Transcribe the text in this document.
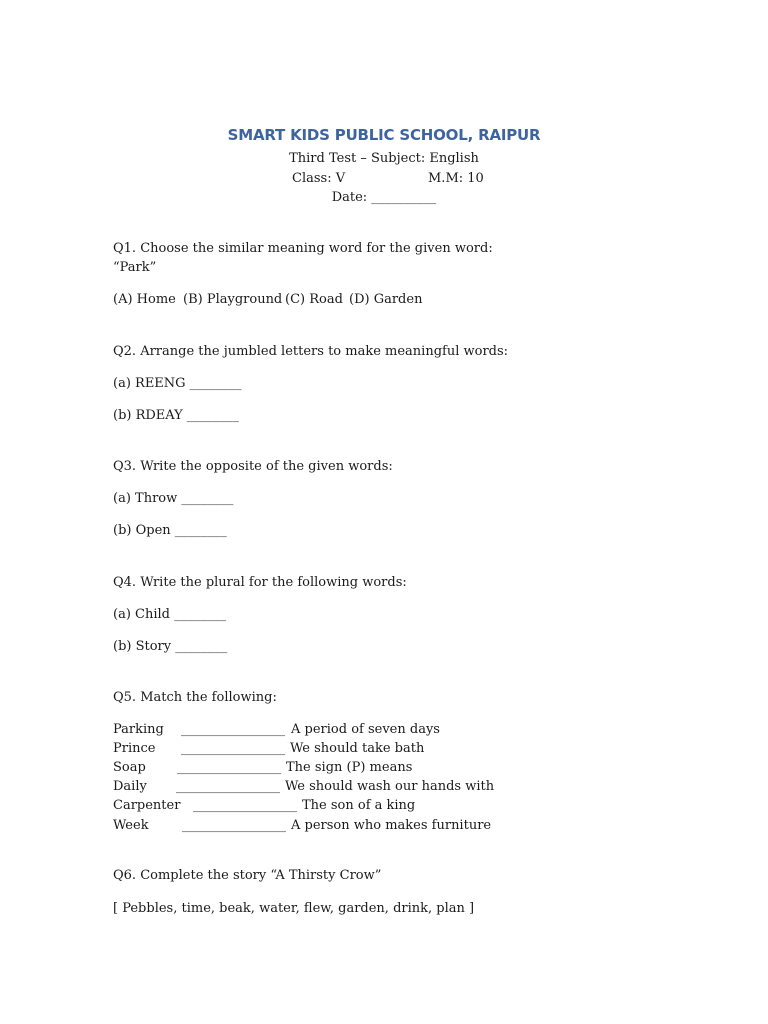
SMART KIDS PUBLIC SCHOOL, RAIPUR
Third Test – Subject: English
Class: V	M.M: 10
Date: __________
Q1. Choose the similar meaning word for the given word:
“Park”
(A) Home (B) Playground (C) Road (D) Garden
Q2. Arrange the jumbled letters to make meaningful words:
(a) REENG ________
(b) RDEAY ________
Q3. Write the opposite of the given words:
(a) Throw ________
(b) Open ________
Q4. Write the plural for the following words:
(a) Child ________
(b) Story ________
Q5. Match the following:
Parking ________________ A period of seven days
Prince ________________ We should take bath
Soap ________________ The sign (P) means
Daily ________________ We should wash our hands with
Carpenter ________________ The son of a king
Week	________________ A person who makes furniture
Q6. Complete the story “A Thirsty Crow”
[ Pebbles, time, beak, water, flew, garden, drink, plan ]
